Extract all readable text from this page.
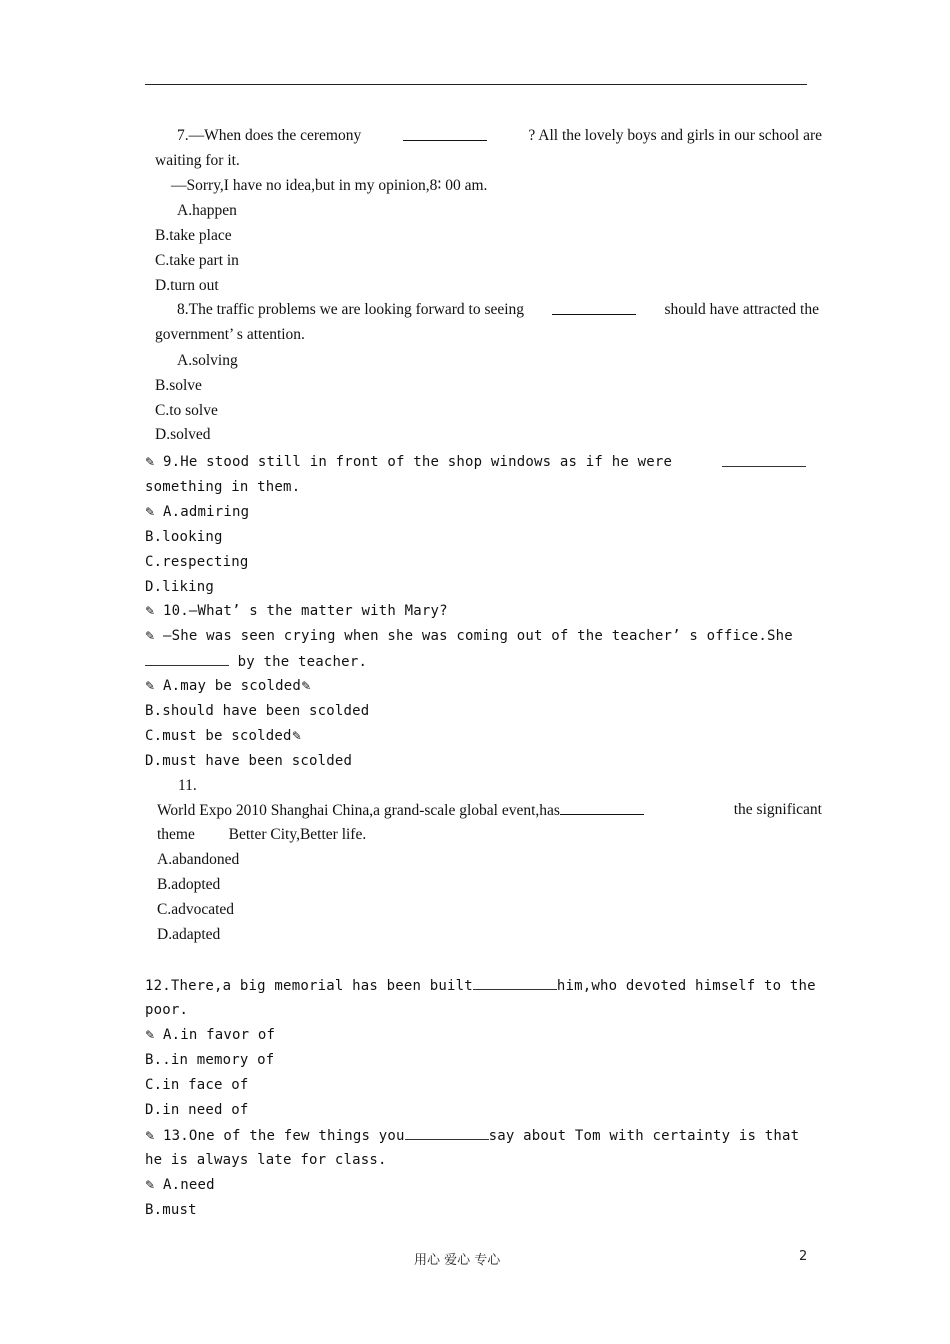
7.—When does the ceremony	? All the lovely boys and girls in our school are
waiting for it.
—Sorry,I have no idea,but in my opinion,8∶ 00 am.
A.happen
B.take place
C.take part in
D.turn out
8.The traffic problems we are looking forward to seeing	should have attracted the
government’ s attention.
A.solving
B.solve
C.to solve
D.solved
✎ 9.He stood still in front of the shop windows as if he were
something in them.
✎ A.admiring
B.looking
C.respecting
D.liking
✎ 10.—What’ s the matter with Mary?
✎ —She was seen crying when she was coming out of the teacher’ s office.She
by the teacher.
✎ A.may be scolded✎
B.should have been scolded
C.must be scolded✎
D.must have been scolded
11.
World Expo 2010 Shanghai China,a grand-scale global event,has	the significant
theme Better City,Better life.
A.abandoned
B.adopted
C.advocated
D.adapted
12.There,a big memorial has been built	him,who devoted himself to the
poor.
✎ A.in favor of
B..in memory of
C.in face of
D.in need of
✎ 13.One of the few things you	say about Tom with certainty is that
he is always late for class.
✎ A.need
B.must
用心 爱心 专心	2
